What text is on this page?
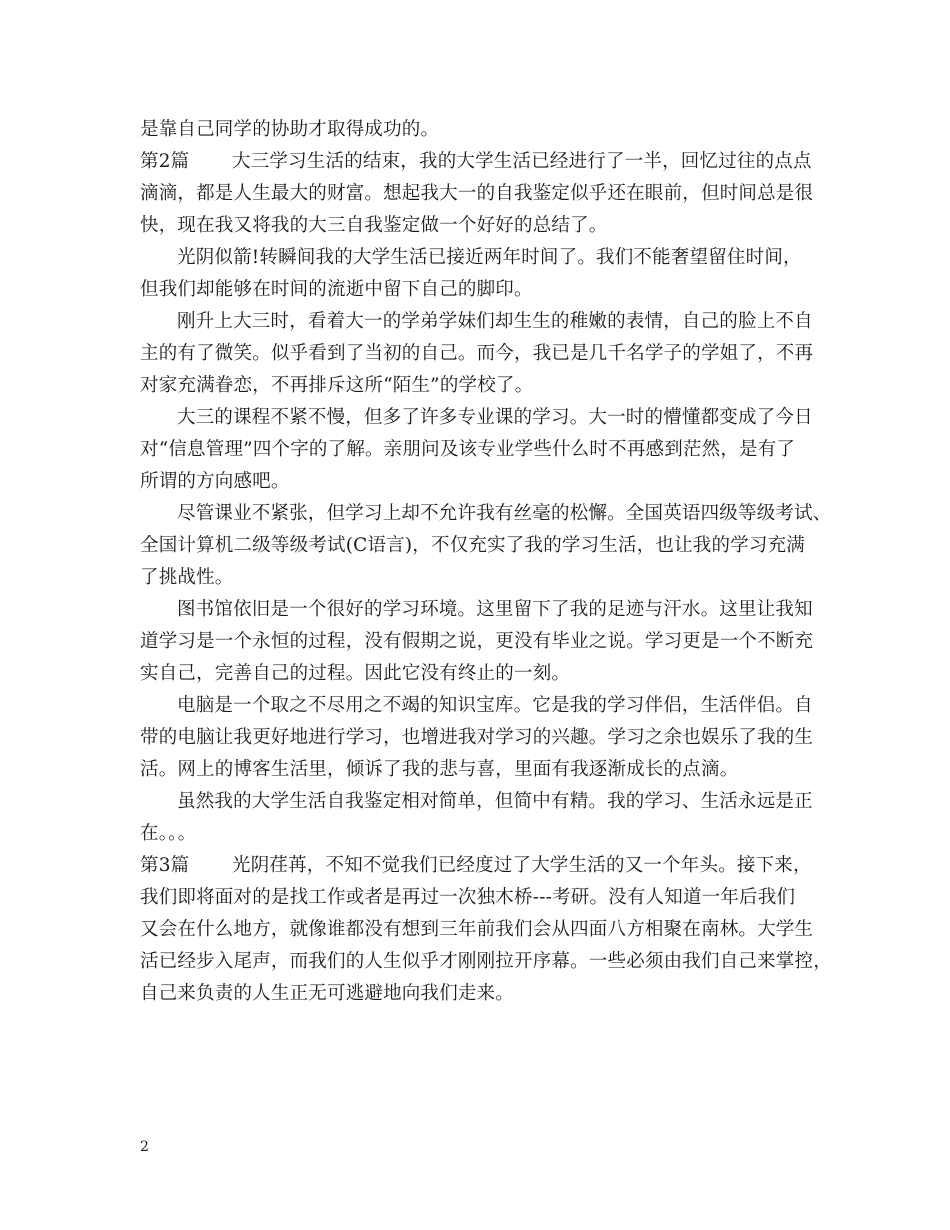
是靠自己同学的协助才取得成功的。
第2篇 大三学习生活的结束，我的大学生活已经进行了一半，回忆过往的点点
滴滴，都是人生最大的财富。想起我大一的自我鉴定似乎还在眼前，但时间总是很
快，现在我又将我的大三自我鉴定做一个好好的总结了。
光阴似箭!转瞬间我的大学生活已接近两年时间了。我们不能奢望留住时间，
但我们却能够在时间的流逝中留下自己的脚印。
刚升上大三时，看着大一的学弟学妹们却生生的稚嫩的表情，自己的脸上不自
主的有了微笑。似乎看到了当初的自己。而今，我已是几千名学子的学姐了，不再
对家充满眷恋，不再排斥这所“陌生”的学校了。
大三的课程不紧不慢，但多了许多专业课的学习。大一时的懵懂都变成了今日
对“信息管理”四个字的了解。亲朋问及该专业学些什么时不再感到茫然，是有了
所谓的方向感吧。
尽管课业不紧张，但学习上却不允许我有丝毫的松懈。全国英语四级等级考试、
全国计算机二级等级考试(C语言)，不仅充实了我的学习生活，也让我的学习充满
了挑战性。
图书馆依旧是一个很好的学习环境。这里留下了我的足迹与汗水。这里让我知
道学习是一个永恒的过程，没有假期之说，更没有毕业之说。学习更是一个不断充
实自己，完善自己的过程。因此它没有终止的一刻。
电脑是一个取之不尽用之不竭的知识宝库。它是我的学习伴侣，生活伴侣。自
带的电脑让我更好地进行学习，也增进我对学习的兴趣。学习之余也娱乐了我的生
活。网上的博客生活里，倾诉了我的悲与喜，里面有我逐渐成长的点滴。
虽然我的大学生活自我鉴定相对简单，但简中有精。我的学习、生活永远是正
在。。。
第3篇 光阴荏苒，不知不觉我们已经度过了大学生活的又一个年头。接下来，
我们即将面对的是找工作或者是再过一次独木桥---考研。没有人知道一年后我们
又会在什么地方，就像谁都没有想到三年前我们会从四面八方相聚在南林。大学生
活已经步入尾声，而我们的人生似乎才刚刚拉开序幕。一些必须由我们自己来掌控，
自己来负责的人生正无可逃避地向我们走来。
2
